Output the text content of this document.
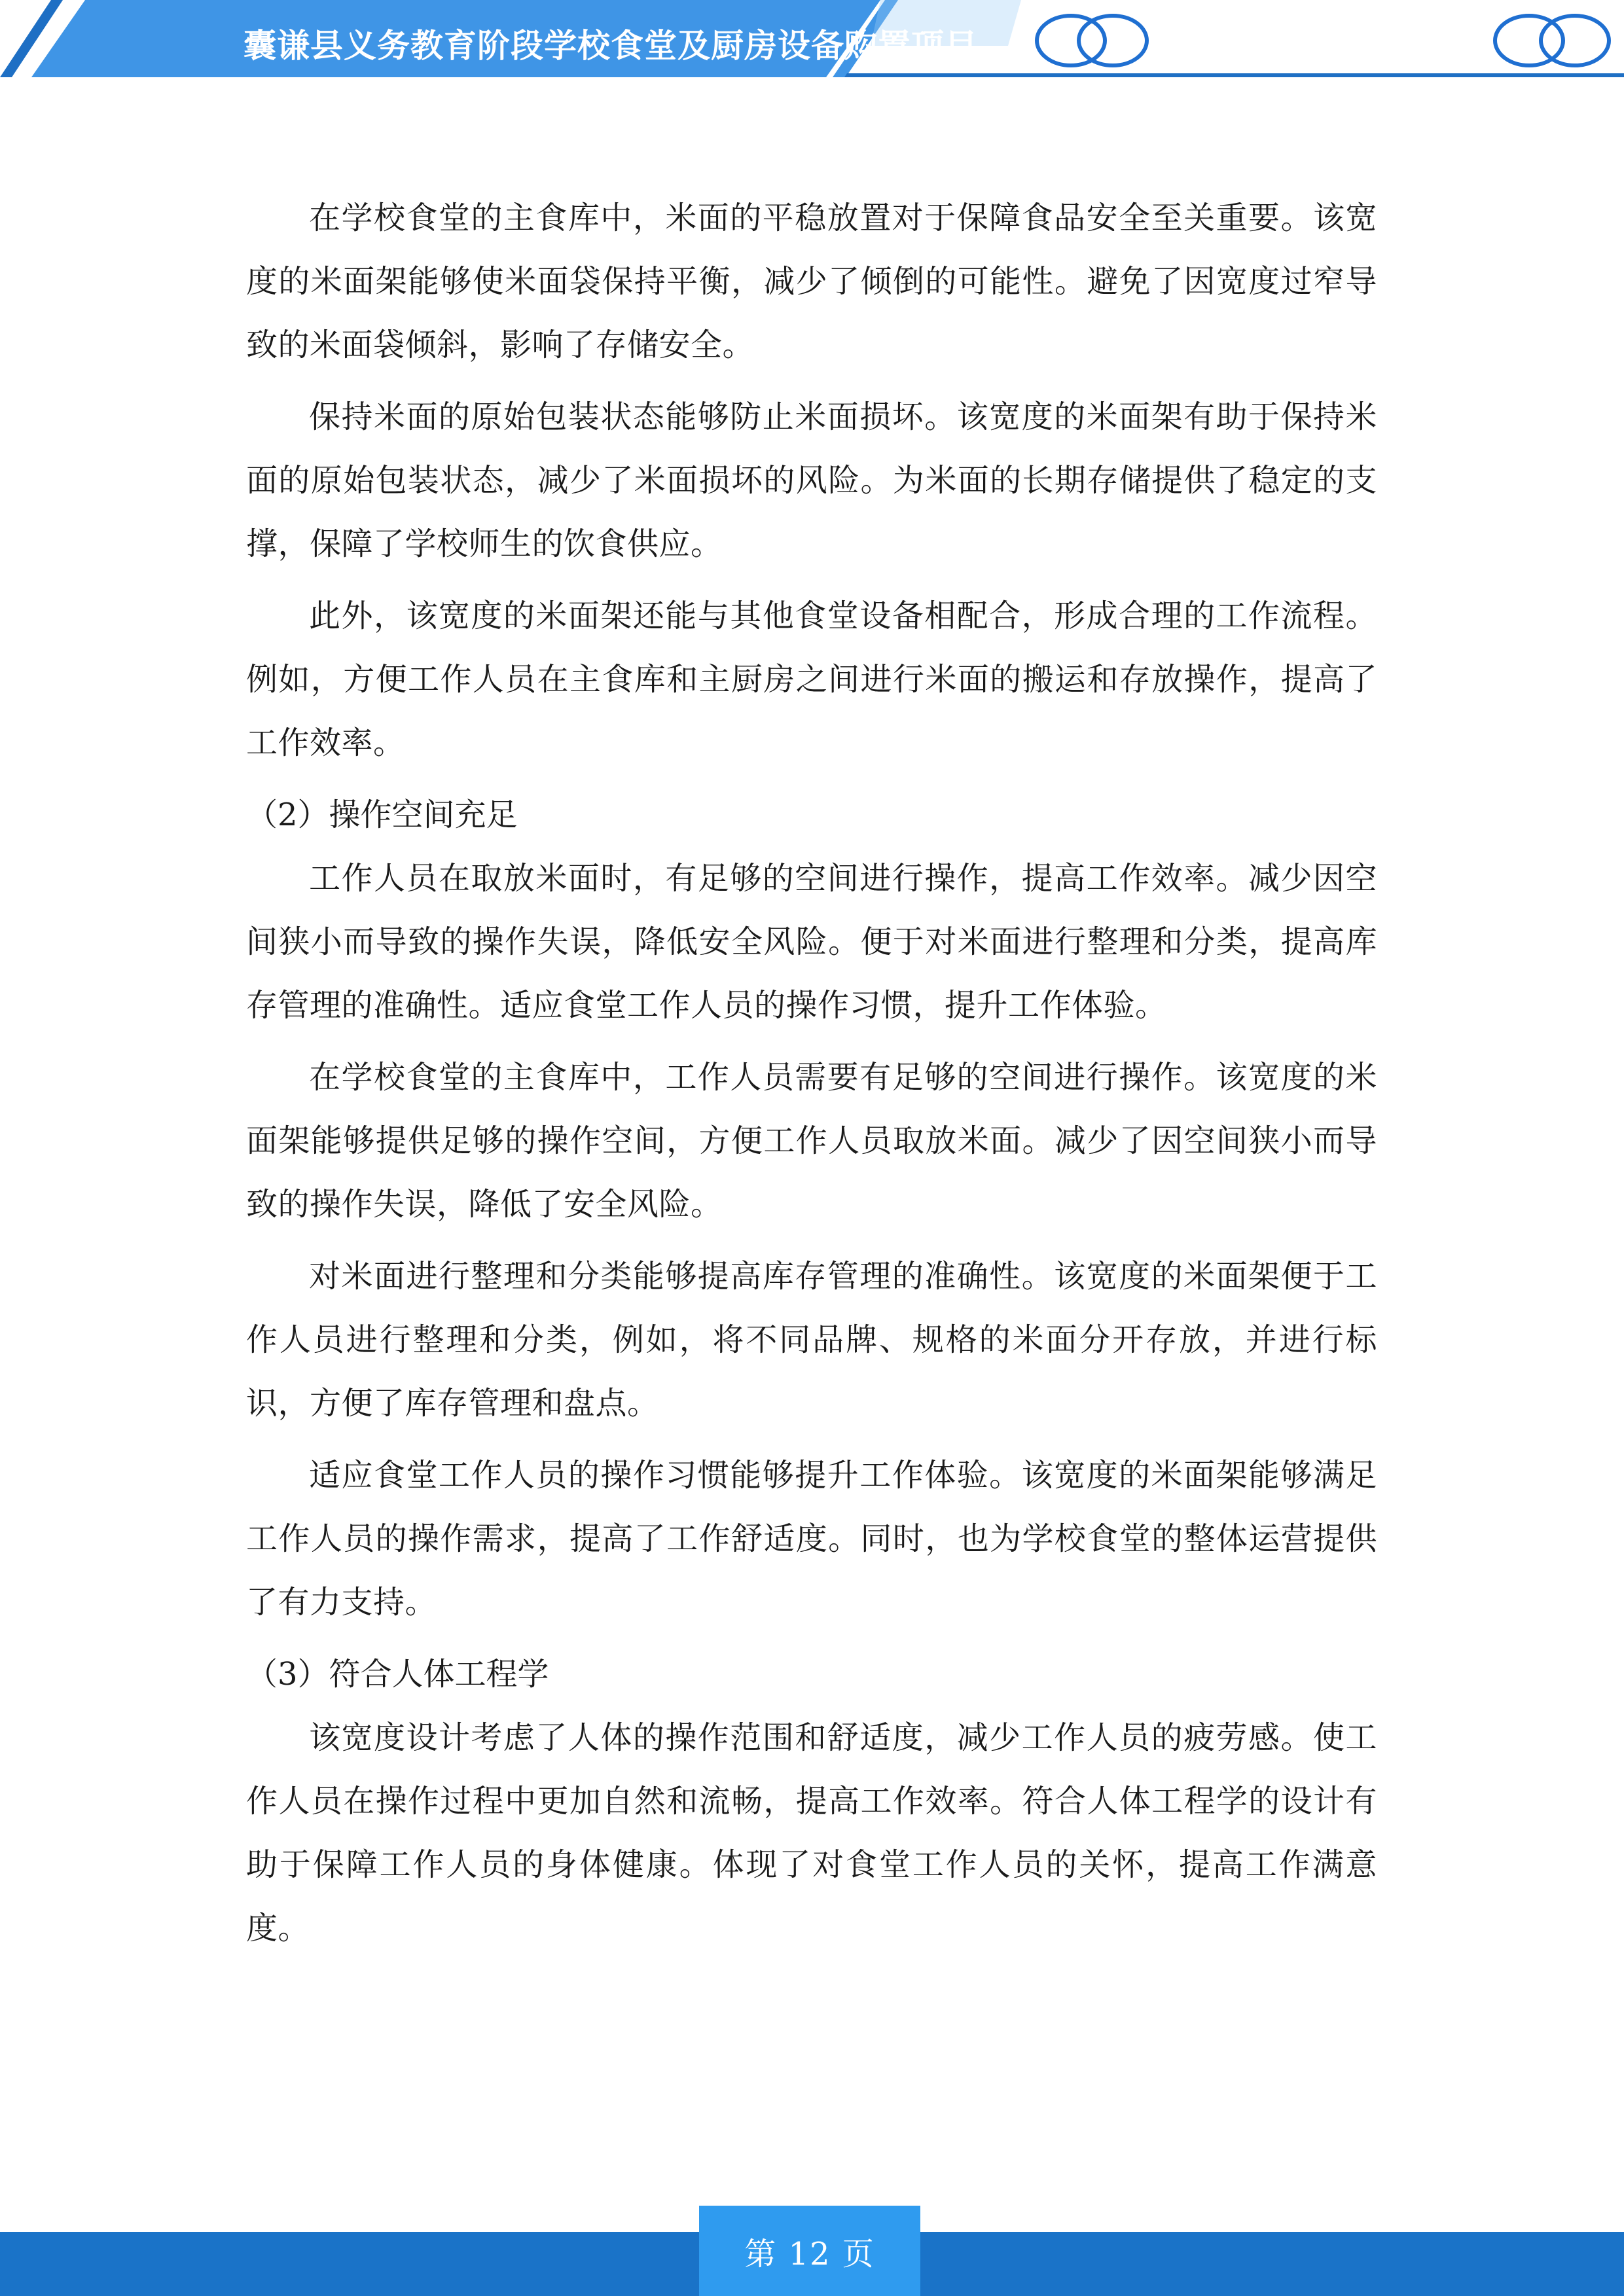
囊谦县义务教育阶段学校食堂及厨房设备购置项目

在学校食堂的主食库中，米面的平稳放置对于保障食品安全至关重要。该宽度的米面架能够使米面袋保持平衡，减少了倾倒的可能性。避免了因宽度过窄导致的米面袋倾斜，影响了存储安全。

保持米面的原始包装状态能够防止米面损坏。该宽度的米面架有助于保持米面的原始包装状态，减少了米面损坏的风险。为米面的长期存储提供了稳定的支撑，保障了学校师生的饮食供应。

此外，该宽度的米面架还能与其他食堂设备相配合，形成合理的工作流程。例如，方便工作人员在主食库和主厨房之间进行米面的搬运和存放操作，提高了工作效率。

（2）操作空间充足

工作人员在取放米面时，有足够的空间进行操作，提高工作效率。减少因空间狭小而导致的操作失误，降低安全风险。便于对米面进行整理和分类，提高库存管理的准确性。适应食堂工作人员的操作习惯，提升工作体验。

在学校食堂的主食库中，工作人员需要有足够的空间进行操作。该宽度的米面架能够提供足够的操作空间，方便工作人员取放米面。减少了因空间狭小而导致的操作失误，降低了安全风险。

对米面进行整理和分类能够提高库存管理的准确性。该宽度的米面架便于工作人员进行整理和分类，例如，将不同品牌、规格的米面分开存放，并进行标识，方便了库存管理和盘点。

适应食堂工作人员的操作习惯能够提升工作体验。该宽度的米面架能够满足工作人员的操作需求，提高了工作舒适度。同时，也为学校食堂的整体运营提供了有力支持。

（3）符合人体工程学

该宽度设计考虑了人体的操作范围和舒适度，减少工作人员的疲劳感。使工作人员在操作过程中更加自然和流畅，提高工作效率。符合人体工程学的设计有助于保障工作人员的身体健康。体现了对食堂工作人员的关怀，提高工作满意度。

第 12 页
